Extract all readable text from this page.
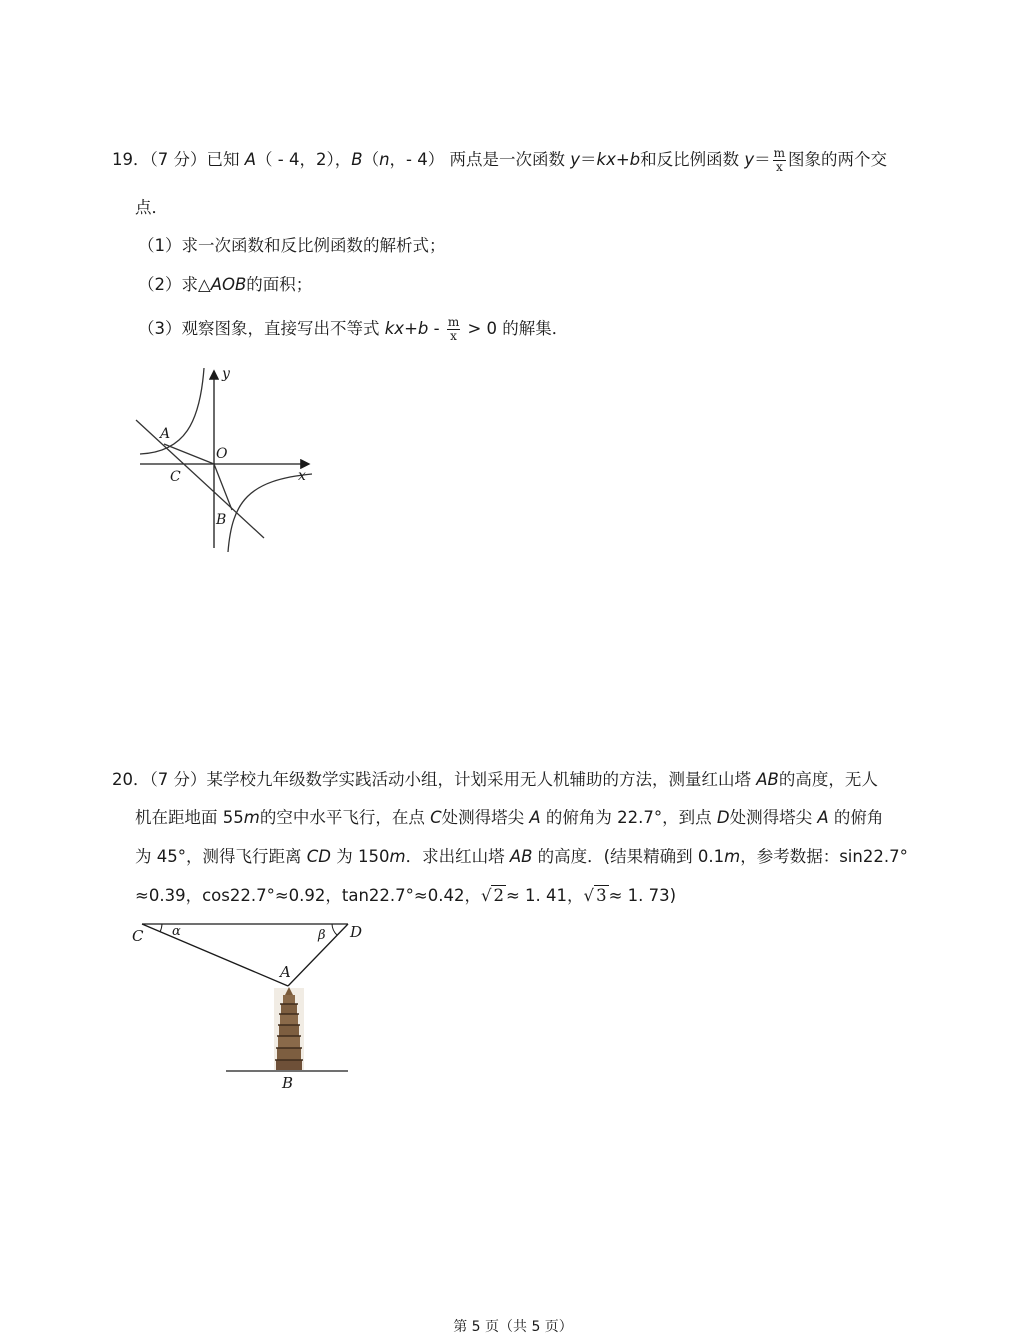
19．（7 分）已知 A（ - 4，2），B（n，- 4） 两点是一次函数 y＝kx+b和反比例函数 $y= \frac{m}{x}$ 图象的两个交
点．
（1）求一次函数和反比例函数的解析式；
（2）求△AOB的面积；
（3）观察图象，直接写出不等式 $kx+b - \frac{m}{x} > 0$ 的解集．
y
x
A
O
C
B
20．（7 分）某学校九年级数学实践活动小组，计划采用无人机辅助的方法，测量红山塔 AB的高度，无人
机在距地面 55m的空中水平飞行，在点 C处测得塔尖 A 的俯角为 22.7°，到点 D处测得塔尖 A 的俯角
为 45°，测得飞行距离 CD 为 150m．求出红山塔 AB 的高度．(结果精确到 0.1m，参考数据：sin22.7°
≈0.39，cos22.7°≈0.92，tan22.7°≈0.42，√ 2 ≈ 1. 41，√ 3 ≈ 1. 73)
C α	β D
A
B
第 5 页（共 5 页）
